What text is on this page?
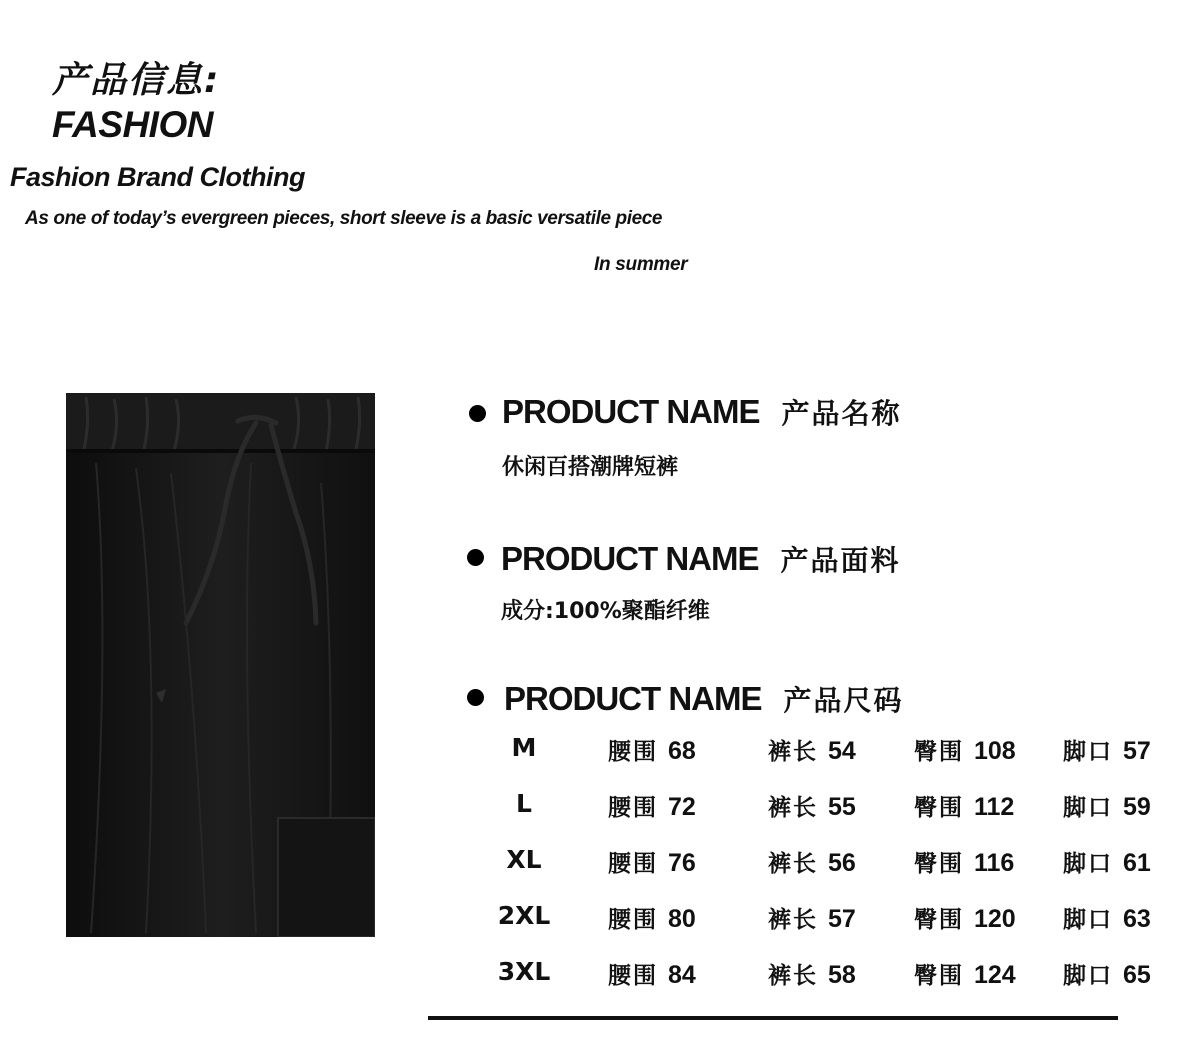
产品信息:
FASHION
Fashion Brand Clothing
As one of today’s evergreen pieces, short sleeve is a basic versatile piece
In summer
PRODUCT NAME 产品名称
休闲百搭潮牌短裤
PRODUCT NAME 产品面料
成分:100%聚酯纤维
PRODUCT NAME 产品尺码
M	腰围 68	裤长 54	臀围 108 脚口 57
L	腰围 72	裤长 55	臀围 112 脚口 59
XL	腰围 76	裤长 56	臀围 116 脚口 61
2XL	腰围 80	裤长 57	臀围 120 脚口 63
3XL	腰围 84	裤长 58	臀围 124 脚口 65
